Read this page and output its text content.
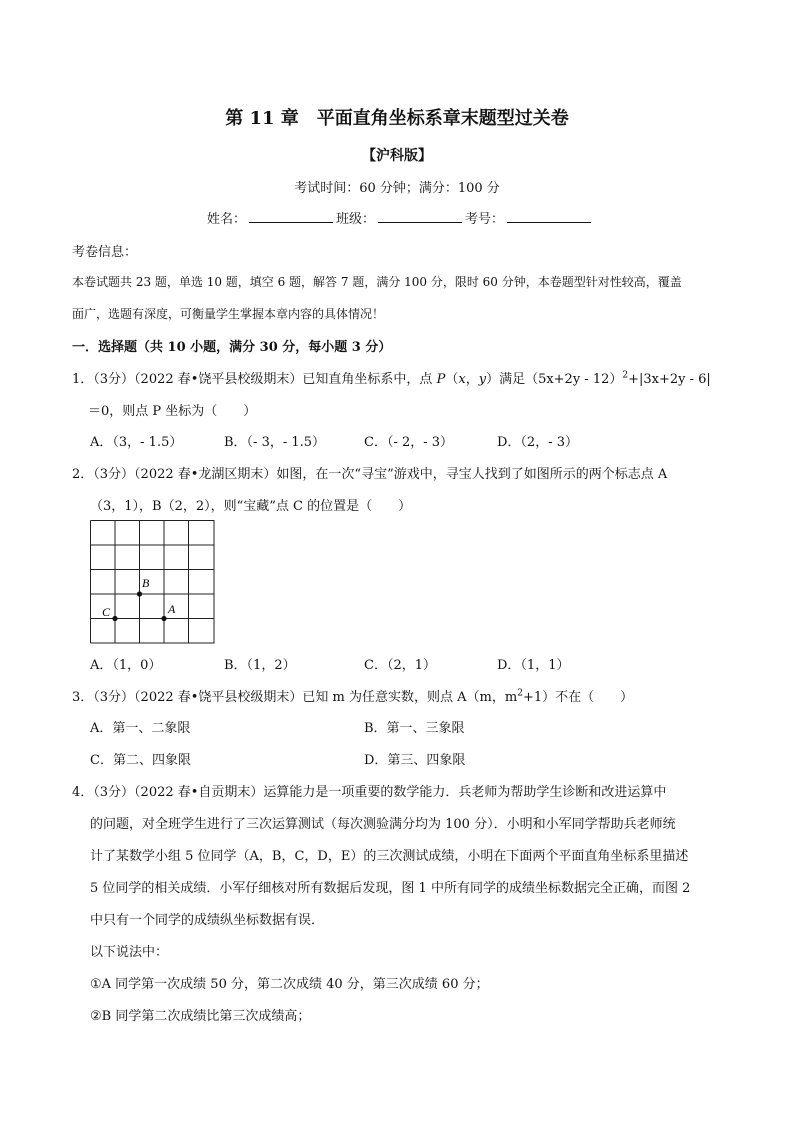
第 11 章　平面直角坐标系章末题型过关卷
【沪科版】
考试时间：60 分钟；满分：100 分
姓名：	班级：	考号：
考卷信息：
本卷试题共 23 题，单选 10 题，填空 6 题，解答 7 题，满分 100 分，限时 60 分钟，本卷题型针对性较高，覆盖
面广，选题有深度，可衡量学生掌握本章内容的具体情况！
一．选择题（共 10 小题，满分 30 分，每小题 3 分）
1．（3分）（2022 春•饶平县校级期末）已知直角坐标系中，点 P（x，y）满足$(5x+2y - 12)^2+|3x+2y - 6|$
＝0，则点 P 坐标为（　　）
A．（3，- 1.5）	B．（- 3，- 1.5）	C．（- 2，- 3）	D．（2，- 3）
2．（3分）（2022 春•龙湖区期末）如图，在一次“寻宝”游戏中，寻宝人找到了如图所示的两个标志点 A
（3，1），B（2，2），则“宝藏”点 C 的位置是（　　）
C
B
A
A．（1，0）	B．（1，2）	C．（2，1）	D．（1，1）
3．（3分）（2022 春•饶平县校级期末）已知 m 为任意实数，则点 A（m，$m^2+1$）不在（　　）
A．第一、二象限	B．第一、三象限
C．第二、四象限	D．第三、四象限
4．（3分）（2022 春•自贡期末）运算能力是一项重要的数学能力．兵老师为帮助学生诊断和改进运算中
的问题，对全班学生进行了三次运算测试（每次测验满分均为 100 分）．小明和小军同学帮助兵老师统
计了某数学小组 5 位同学（A，B，C，D，E）的三次测试成绩，小明在下面两个平面直角坐标系里描述
5 位同学的相关成绩．小军仔细核对所有数据后发现，图 1 中所有同学的成绩坐标数据完全正确，而图 2
中只有一个同学的成绩纵坐标数据有误．
以下说法中：
①A 同学第一次成绩 50 分，第二次成绩 40 分，第三次成绩 60 分；
②B 同学第二次成绩比第三次成绩高；
